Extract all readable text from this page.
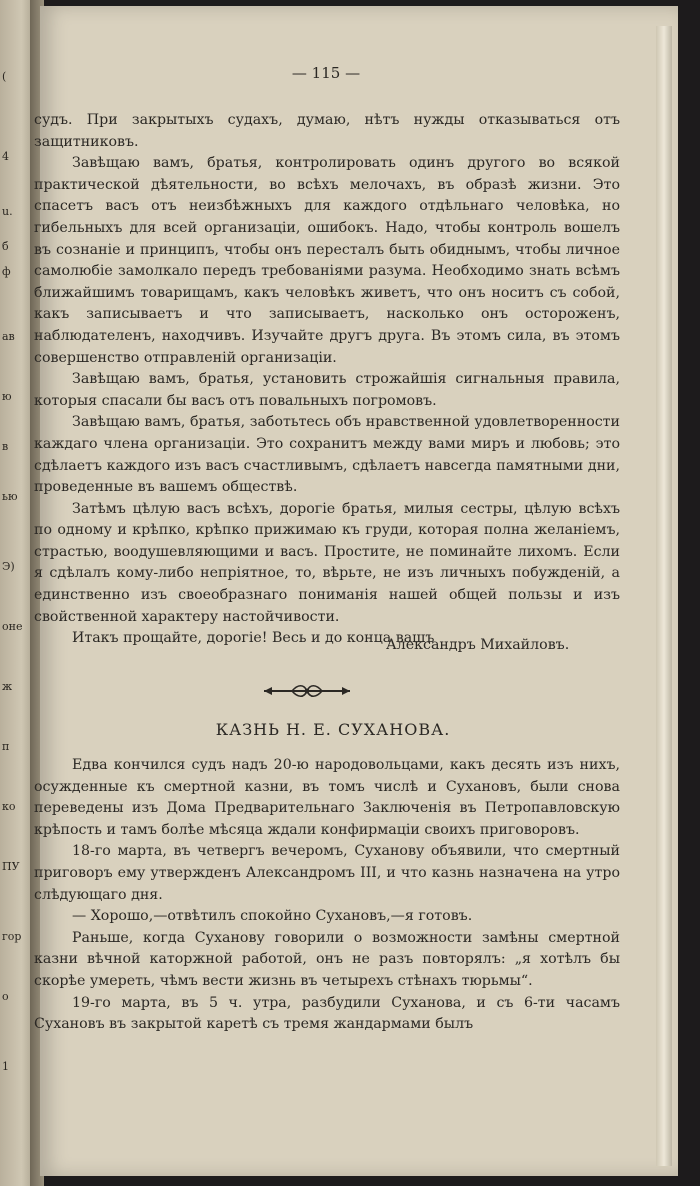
(
4
u.
б
ф
ав
ю
в
ью
Э)
оне
ж
п
ко
ПУ
гор
о
1
— 115 —

судъ. При закрытыхъ судахъ, думаю, нѣтъ нужды отказываться отъ защитниковъ.

Завѣщаю вамъ, братья, контролировать одинъ другого во всякой практической дѣятельности, во всѣхъ мелочахъ, въ образѣ жизни. Это спасетъ васъ отъ неизбѣжныхъ для каждого отдѣльнаго человѣка, но гибельныхъ для всей организаціи, ошибокъ. Надо, чтобы контроль вошелъ въ сознаніе и принципъ, чтобы онъ пересталъ быть обиднымъ, чтобы личное самолюбіе замолкало передъ требованіями разума. Необходимо знать всѣмъ ближайшимъ товарищамъ, какъ человѣкъ живетъ, что онъ носитъ съ собой, какъ записываетъ и что записываетъ, насколько онъ остороженъ, наблюдателенъ, находчивъ. Изучайте другъ друга. Въ этомъ сила, въ этомъ совершенство отправленій организаціи.

Завѣщаю вамъ, братья, установить строжайшія сигнальныя правила, которыя спасали бы васъ отъ повальныхъ погромовъ.

Завѣщаю вамъ, братья, заботьтесь объ нравственной удовлетворенности каждаго члена организаціи. Это сохранитъ между вами миръ и любовь; это сдѣлаетъ каждого изъ васъ счастливымъ, сдѣлаетъ навсегда памятными дни, проведенные въ вашемъ обществѣ.

Затѣмъ цѣлую васъ всѣхъ, дорогіе братья, милыя сестры, цѣлую всѣхъ по одному и крѣпко, крѣпко прижимаю къ груди, которая полна желаніемъ, страстью, воодушевляющими и васъ. Простите, не поминайте лихомъ. Если я сдѣлалъ кому-либо непріятное, то, вѣрьте, не изъ личныхъ побужденій, а единственно изъ своеобразнаго пониманія нашей общей пользы и изъ свойственной характеру настойчивости.

Итакъ прощайте, дорогіе! Весь и до конца вашъ

Александръ Михайловъ.
КАЗНЬ Н. Е. СУХАНОВА.

Едва кончился судъ надъ 20-ю народовольцами, какъ десять изъ нихъ, осужденные къ смертной казни, въ томъ числѣ и Сухановъ, были снова переведены изъ Дома Предварительнаго Заключенія въ Петропавловскую крѣпость и тамъ болѣе мѣсяца ждали конфирмаціи своихъ приговоровъ.

18-го марта, въ четвергъ вечеромъ, Суханову объявили, что смертный приговоръ ему утвержденъ Александромъ III, и что казнь назначена на утро слѣдующаго дня.

— Хорошо,—отвѣтилъ спокойно Сухановъ,—я готовъ.

Раньше, когда Суханову говорили о возможности замѣны смертной казни вѣчной каторжной работой, онъ не разъ повторялъ: „я хотѣлъ бы скорѣе умереть, чѣмъ вести жизнь въ четырехъ стѣнахъ тюрьмы“.

19-го марта, въ 5 ч. утра, разбудили Суханова, и съ 6-ти часамъ Сухановъ въ закрытой каретѣ съ тремя жандармами былъ
